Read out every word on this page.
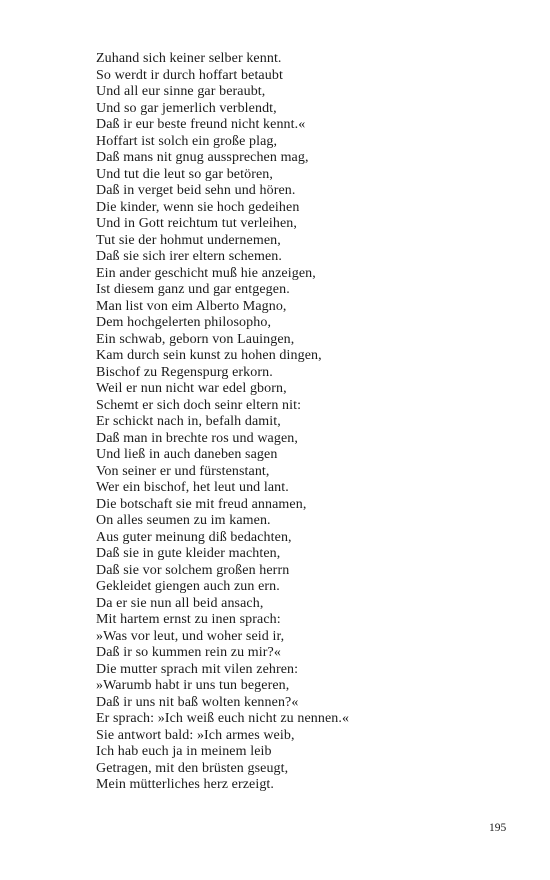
Zuhand sich keiner selber kennt.
So werdt ir durch hoffart betaubt
Und all eur sinne gar beraubt,
Und so gar jemerlich verblendt,
Daß ir eur beste freund nicht kennt.«
Hoffart ist solch ein große plag,
Daß mans nit gnug aussprechen mag,
Und tut die leut so gar betören,
Daß in verget beid sehn und hören.
Die kinder, wenn sie hoch gedeihen
Und in Gott reichtum tut verleihen,
Tut sie der hohmut undernemen,
Daß sie sich irer eltern schemen.
Ein ander geschicht muß hie anzeigen,
Ist diesem ganz und gar entgegen.
Man list von eim Alberto Magno,
Dem hochgelerten philosopho,
Ein schwab, geborn von Lauingen,
Kam durch sein kunst zu hohen dingen,
Bischof zu Regenspurg erkorn.
Weil er nun nicht war edel gborn,
Schemt er sich doch seinr eltern nit:
Er schickt nach in, befalh damit,
Daß man in brechte ros und wagen,
Und ließ in auch daneben sagen
Von seiner er und fürstenstant,
Wer ein bischof, het leut und lant.
Die botschaft sie mit freud annamen,
On alles seumen zu im kamen.
Aus guter meinung diß bedachten,
Daß sie in gute kleider machten,
Daß sie vor solchem großen herrn
Gekleidet giengen auch zun ern.
Da er sie nun all beid ansach,
Mit hartem ernst zu inen sprach:
»Was vor leut, und woher seid ir,
Daß ir so kummen rein zu mir?«
Die mutter sprach mit vilen zehren:
»Warumb habt ir uns tun begeren,
Daß ir uns nit baß wolten kennen?«
Er sprach: »Ich weiß euch nicht zu nennen.«
Sie antwort bald: »Ich armes weib,
Ich hab euch ja in meinem leib
Getragen, mit den brüsten gseugt,
Mein mütterliches herz erzeigt.
195
